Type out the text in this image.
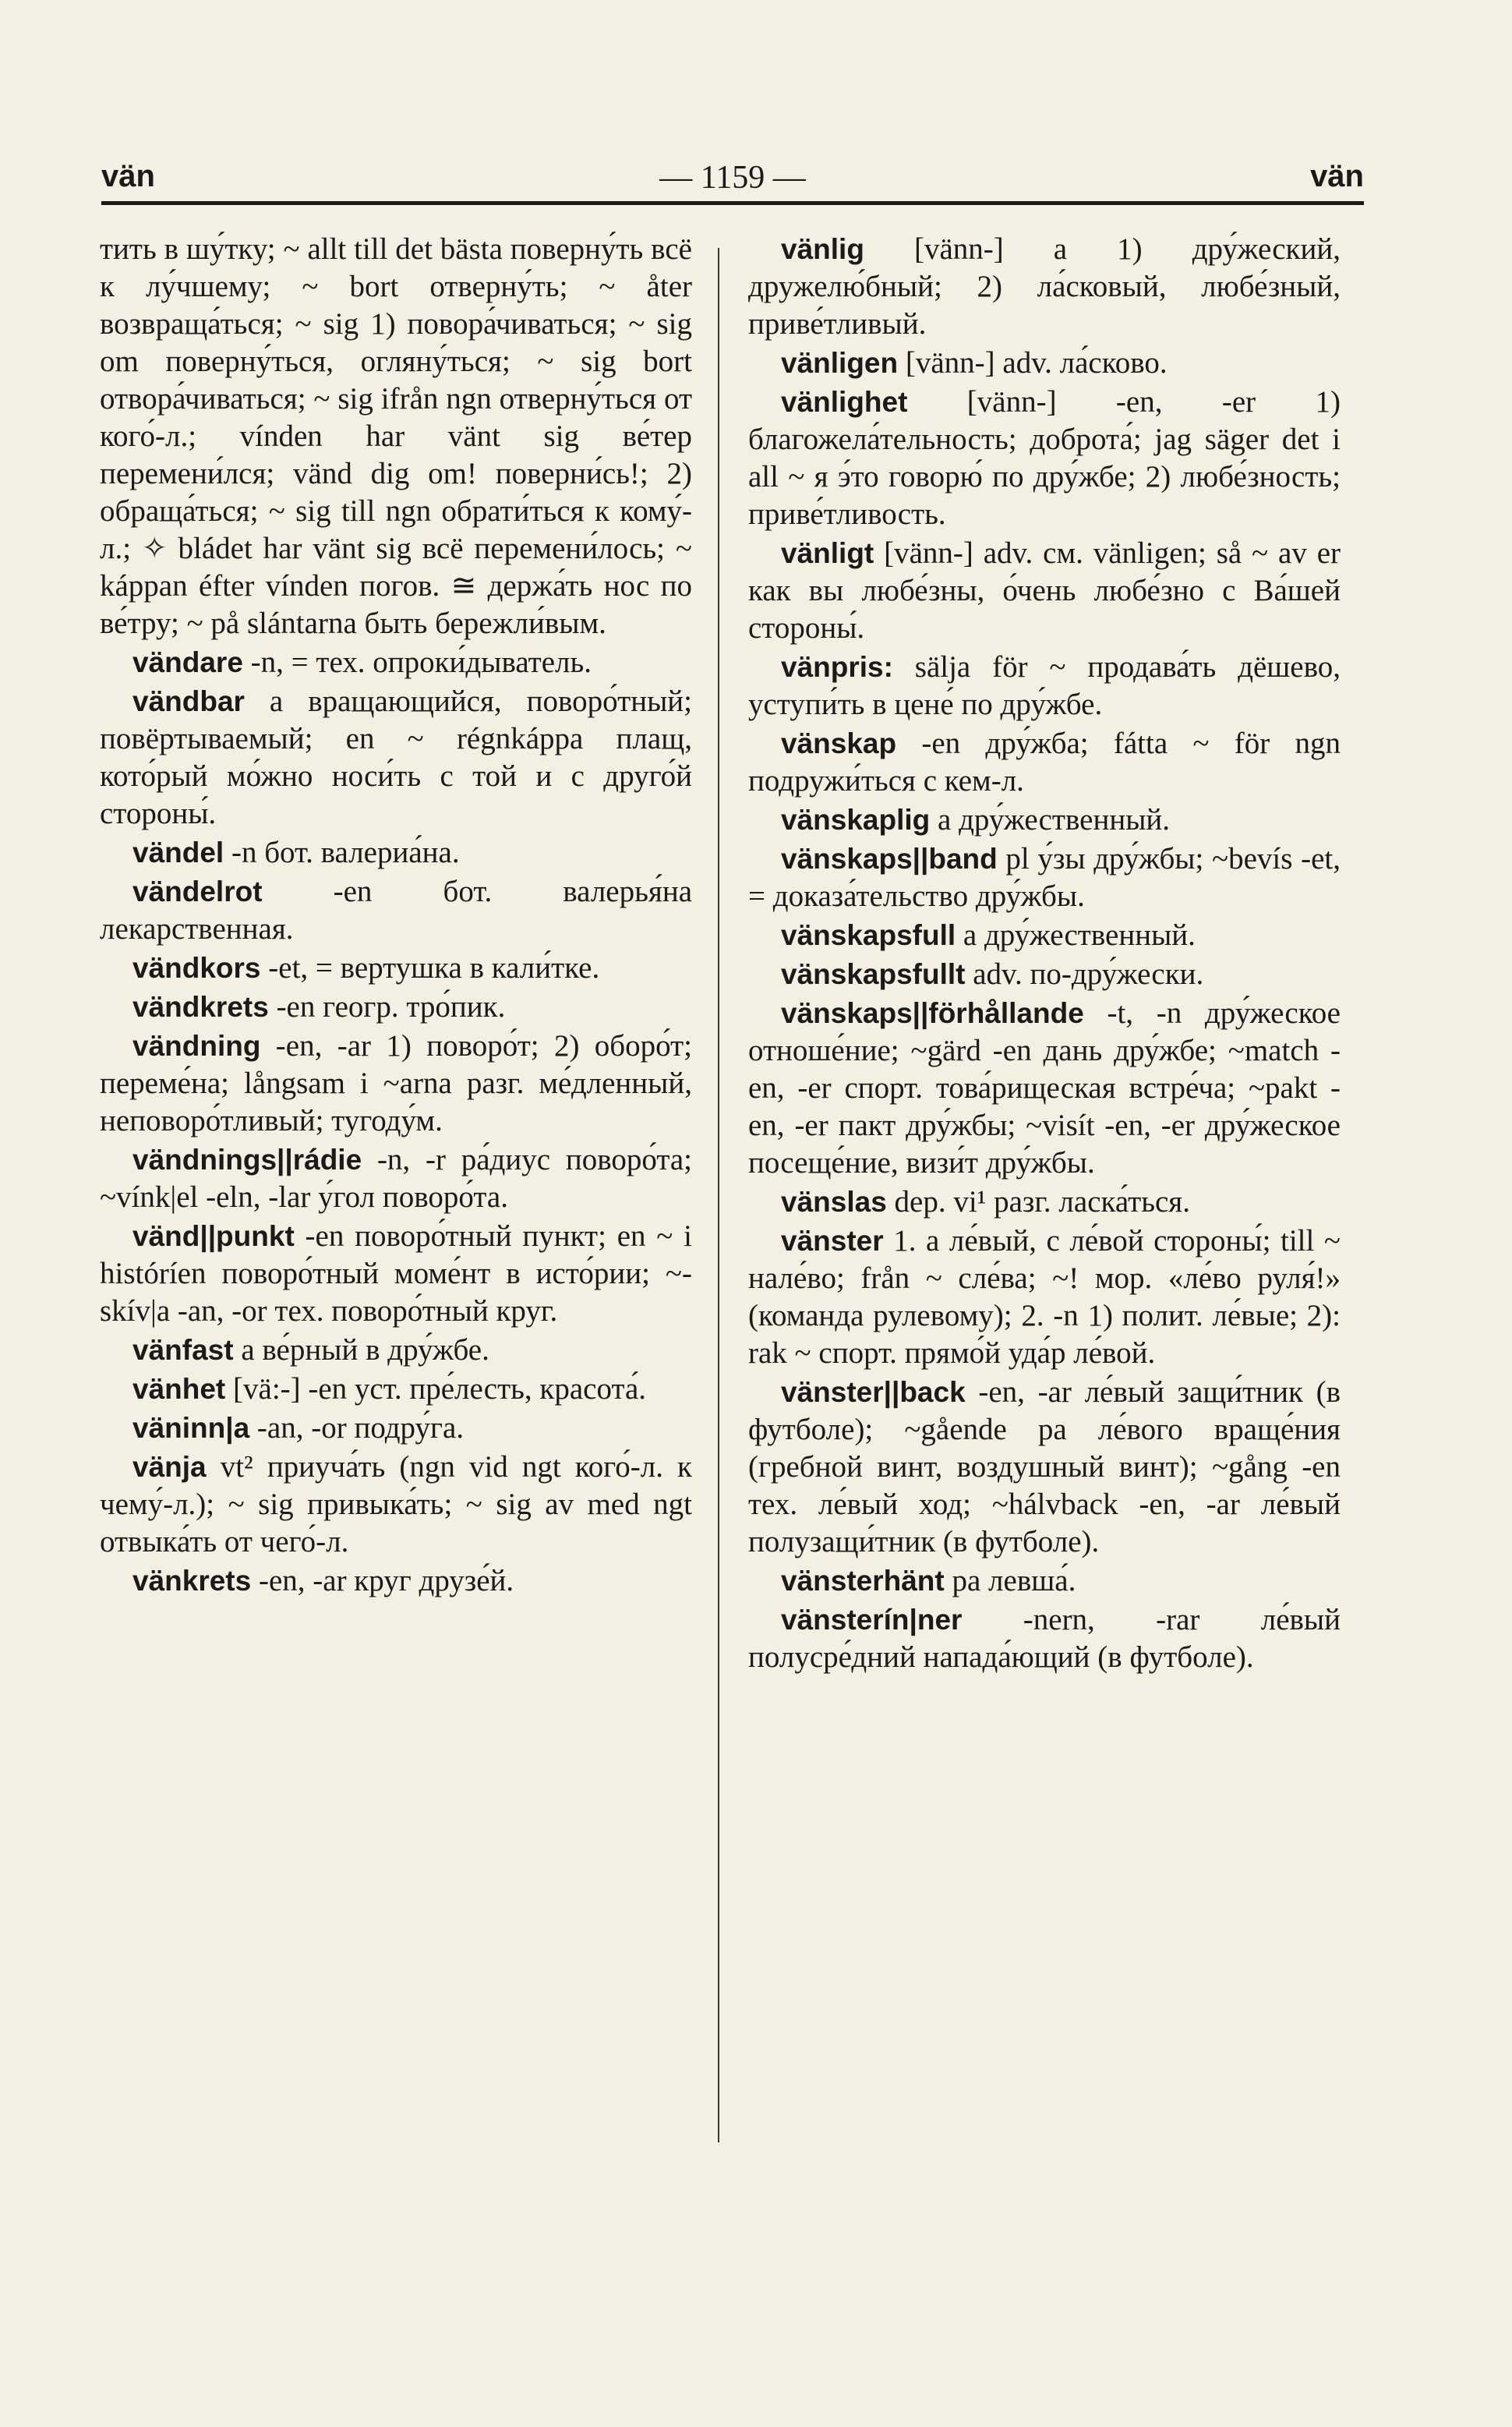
vän	— 1159 —	vän

тить в шу́тку; ~ allt till det bästa поверну́ть всё к лу́чшему; ~ bort отверну́ть; ~ åter возвраща́ться; ~ sig 1) повора́чиваться; ~ sig om поверну́ться, огляну́ться; ~ sig bort отвора́чиваться; ~ sig ifrån ngn отверну́ться от кого́-л.; vínden har vänt sig ве́тер перемени́лся; vänd dig om! поверни́сь!; 2) обраща́ться; ~ sig till ngn обрати́ться к кому́-л.; ✧ bládet har vänt sig всё перемени́лось; ~ káppan éfter vínden погов. ≅ держа́ть нос по ве́тру; ~ på slántarna быть бережли́вым.

vändare -n, = тех. опроки́дыватель.

vändbar a вращающийся, поворо́тный; повёртываемый; en ~ régnkáppa плащ, кото́рый мо́жно носи́ть с той и с друго́й стороны́.

vändel -n бот. валериа́на.

vändelrot -en бот. валерья́на лекарственная.

vändkors -et, = вертушка в кали́тке.

vändkrets -en геогр. тро́пик.

vändning -en, -ar 1) поворо́т; 2) оборо́т; переме́на; långsam i ~arna разг. ме́дленный, неповоро́тливый; тугоду́м.

vändnings||rádie -n, -r ра́диус поворо́та; ~vínk|el -eln, -lar у́гол поворо́та.

vänd||punkt -en поворо́тный пункт; en ~ i históríen поворо́тный моме́нт в исто́рии; ~-skív|a -an, -or тех. поворо́тный круг.

vänfast a ве́рный в дру́жбе.

vänhet [vä:-] -en уст. пре́лесть, красота́.

väninn|a -an, -or подру́га.

vänja vt² приуча́ть (ngn vid ngt кого́-л. к чему́-л.); ~ sig привыка́ть; ~ sig av med ngt отвыка́ть от чего́-л.

vänkrets -en, -ar круг друзе́й.

vänlig [vänn-] a 1) дру́жеский, дружелю́бный; 2) ла́сковый, любе́зный, приве́тливый.

vänligen [vänn-] adv. ла́сково.

vänlighet [vänn-] -en, -er 1) благожела́тельность; доброта́; jag säger det i all ~ я э́то говорю́ по дру́жбе; 2) любе́зность; приве́тливость.

vänligt [vänn-] adv. см. vänligen; så ~ av er как вы любе́зны, о́чень любе́зно с Ва́шей стороны́.

vänpris: sälja för ~ продава́ть дёшево, уступи́ть в цене́ по дру́жбе.

vänskap -en дру́жба; fátta ~ för ngn подружи́ться с кем-л.

vänskaplig a дру́жественный.

vänskaps||band pl у́зы дру́жбы; ~bevís -et, = доказа́тельство дру́жбы.

vänskapsfull a дру́жественный.

vänskapsfullt adv. по-дру́жески.

vänskaps||förhållande -t, -n дру́жеское отноше́ние; ~gärd -en дань дру́жбе; ~match -en, -er спорт. това́рищеская встре́ча; ~pakt -en, -er пакт дру́жбы; ~visít -en, -er дру́жеское посеще́ние, визи́т дру́жбы.

vänslas dep. vi¹ разг. ласка́ться.

vänster 1. a ле́вый, с ле́вой стороны́; till ~ нале́во; från ~ сле́ва; ~! мор. «ле́во руля́!» (команда рулевому); 2. -n 1) полит. ле́вые; 2): rak ~ спорт. прямо́й уда́р ле́вой.

vänster||back -en, -ar ле́вый защи́тник (в футболе); ~gående pa ле́вого враще́ния (гребной винт, воздушный винт); ~gång -en тех. ле́вый ход; ~hálvback -en, -ar ле́вый полузащи́тник (в футболе).

vänsterhänt pa левша́.

vänsterín|ner -nern, -rar ле́вый полусре́дний напада́ющий (в футболе).
